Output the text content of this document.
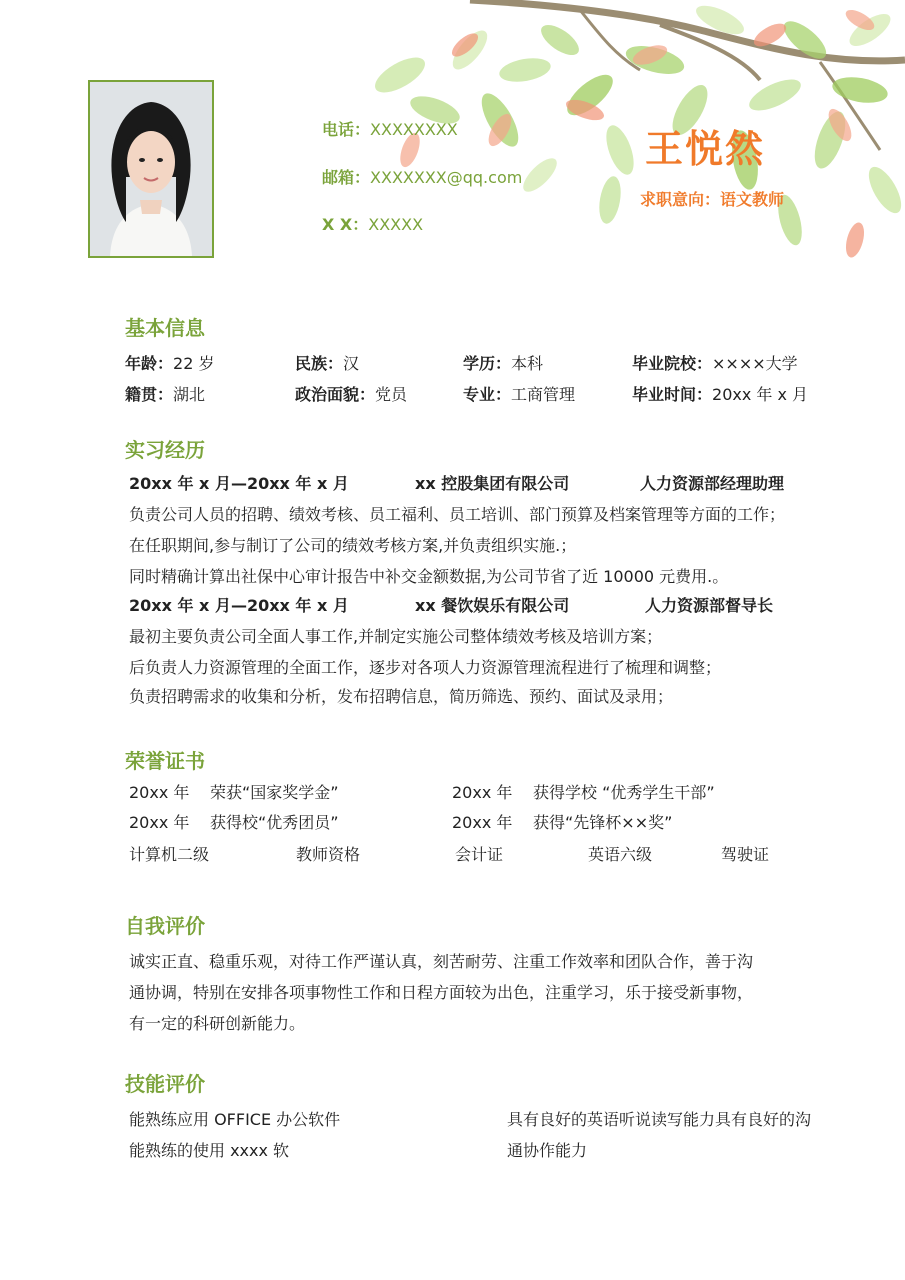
电话：XXXXXXXX
邮箱：XXXXXXX@qq.com
X X：XXXXX
王悦然
求职意向：语文教师
基本信息
年龄：22 岁	民族：汉	学历：本科	毕业院校：××××大学
籍贯：湖北	政治面貌：党员	专业：工商管理	毕业时间：20xx 年 x 月
实习经历
20xx 年 x 月—20xx 年 x 月	xx 控股集团有限公司	人力资源部经理助理
负责公司人员的招聘、绩效考核、员工福利、员工培训、部门预算及档案管理等方面的工作；
在任职期间,参与制订了公司的绩效考核方案,并负责组织实施.；
同时精确计算出社保中心审计报告中补交金额数据,为公司节省了近 10000 元费用.。
20xx 年 x 月—20xx 年 x 月	xx 餐饮娱乐有限公司	人力资源部督导长
最初主要负责公司全面人事工作,并制定实施公司整体绩效考核及培训方案；
后负责人力资源管理的全面工作，逐步对各项人力资源管理流程进行了梳理和调整；
负责招聘需求的收集和分析，发布招聘信息，简历筛选、预约、面试及录用；
荣誉证书
20xx 年 荣获“国家奖学金”	20xx 年 获得学校 “优秀学生干部”
20xx 年 获得校“优秀团员”	20xx 年 获得“先锋杯××奖”
计算机二级	教师资格	会计证	英语六级	驾驶证
自我评价
诚实正直、稳重乐观，对待工作严谨认真，刻苦耐劳、注重工作效率和团队合作，善于沟
通协调，特别在安排各项事物性工作和日程方面较为出色，注重学习，乐于接受新事物，
有一定的科研创新能力。
技能评价
能熟练应用 OFFICE 办公软件
能熟练的使用 xxxx 软
具有良好的英语听说读写能力具有良好的沟
通协作能力
